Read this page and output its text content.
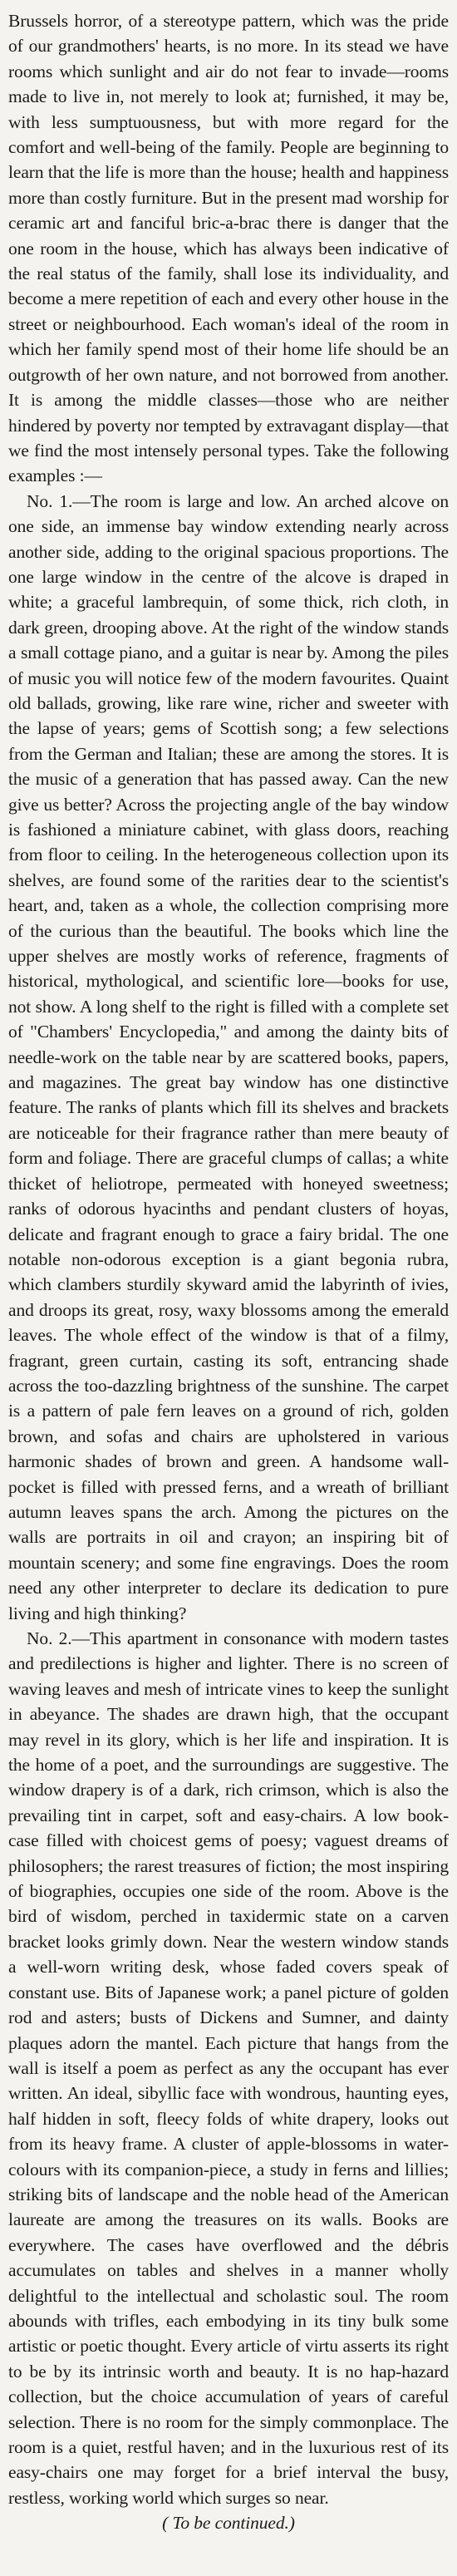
Brussels horror, of a stereotype pattern, which was the pride of our grandmothers' hearts, is no more. In its stead we have rooms which sunlight and air do not fear to invade—rooms made to live in, not merely to look at; furnished, it may be, with less sumptuousness, but with more regard for the comfort and well-being of the family. People are beginning to learn that the life is more than the house; health and happiness more than costly furniture. But in the present mad worship for ceramic art and fanciful bric-a-brac there is danger that the one room in the house, which has always been indicative of the real status of the family, shall lose its individuality, and become a mere repetition of each and every other house in the street or neighbourhood. Each woman's ideal of the room in which her family spend most of their home life should be an outgrowth of her own nature, and not borrowed from another. It is among the middle classes—those who are neither hindered by poverty nor tempted by extravagant display—that we find the most intensely personal types. Take the following examples :—

No. 1.—The room is large and low. An arched alcove on one side, an immense bay window extending nearly across another side, adding to the original spacious proportions. The one large window in the centre of the alcove is draped in white; a graceful lambrequin, of some thick, rich cloth, in dark green, drooping above. At the right of the window stands a small cottage piano, and a guitar is near by. Among the piles of music you will notice few of the modern favourites. Quaint old ballads, growing, like rare wine, richer and sweeter with the lapse of years; gems of Scottish song; a few selections from the German and Italian; these are among the stores. It is the music of a generation that has passed away. Can the new give us better? Across the projecting angle of the bay window is fashioned a miniature cabinet, with glass doors, reaching from floor to ceiling. In the heterogeneous collection upon its shelves, are found some of the rarities dear to the scientist's heart, and, taken as a whole, the collection comprising more of the curious than the beautiful. The books which line the upper shelves are mostly works of reference, fragments of historical, mythological, and scientific lore—books for use, not show. A long shelf to the right is filled with a complete set of "Chambers' Encyclopedia," and among the dainty bits of needle-work on the table near by are scattered books, papers, and magazines. The great bay window has one distinctive feature. The ranks of plants which fill its shelves and brackets are noticeable for their fragrance rather than mere beauty of form and foliage. There are graceful clumps of callas; a white thicket of heliotrope, permeated with honeyed sweetness; ranks of odorous hyacinths and pendant clusters of hoyas, delicate and fragrant enough to grace a fairy bridal. The one notable non-odorous exception is a giant begonia rubra, which clambers sturdily skyward amid the labyrinth of ivies, and droops its great, rosy, waxy blossoms among the emerald leaves. The whole effect of the window is that of a filmy, fragrant, green curtain, casting its soft, entrancing shade across the too-dazzling brightness of the sunshine. The carpet is a pattern of pale fern leaves on a ground of rich, golden brown, and sofas and chairs are upholstered in various harmonic shades of brown and green. A handsome wall-pocket is filled with pressed ferns, and a wreath of brilliant autumn leaves spans the arch. Among the pictures on the walls are portraits in oil and crayon; an inspiring bit of mountain scenery; and some fine engravings. Does the room need any other interpreter to declare its dedication to pure living and high thinking?

No. 2.—This apartment in consonance with modern tastes and predilections is higher and lighter. There is no screen of waving leaves and mesh of intricate vines to keep the sunlight in abeyance. The shades are drawn high, that the occupant may revel in its glory, which is her life and inspiration. It is the home of a poet, and the surroundings are suggestive. The window drapery is of a dark, rich crimson, which is also the prevailing tint in carpet, soft and easy-chairs. A low book-case filled with choicest gems of poesy; vaguest dreams of philosophers; the rarest treasures of fiction; the most inspiring of biographies, occupies one side of the room. Above is the bird of wisdom, perched in taxidermic state on a carven bracket looks grimly down. Near the western window stands a well-worn writing desk, whose faded covers speak of constant use. Bits of Japanese work; a panel picture of golden rod and asters; busts of Dickens and Sumner, and dainty plaques adorn the mantel. Each picture that hangs from the wall is itself a poem as perfect as any the occupant has ever written. An ideal, sibyllic face with wondrous, haunting eyes, half hidden in soft, fleecy folds of white drapery, looks out from its heavy frame. A cluster of apple-blossoms in water-colours with its companion-piece, a study in ferns and lillies; striking bits of landscape and the noble head of the American laureate are among the treasures on its walls. Books are everywhere. The cases have overflowed and the débris accumulates on tables and shelves in a manner wholly delightful to the intellectual and scholastic soul. The room abounds with trifles, each embodying in its tiny bulk some artistic or poetic thought. Every article of virtu asserts its right to be by its intrinsic worth and beauty. It is no hap-hazard collection, but the choice accumulation of years of careful selection. There is no room for the simply commonplace. The room is a quiet, restful haven; and in the luxurious rest of its easy-chairs one may forget for a brief interval the busy, restless, working world which surges so near.

( To be continued.)
